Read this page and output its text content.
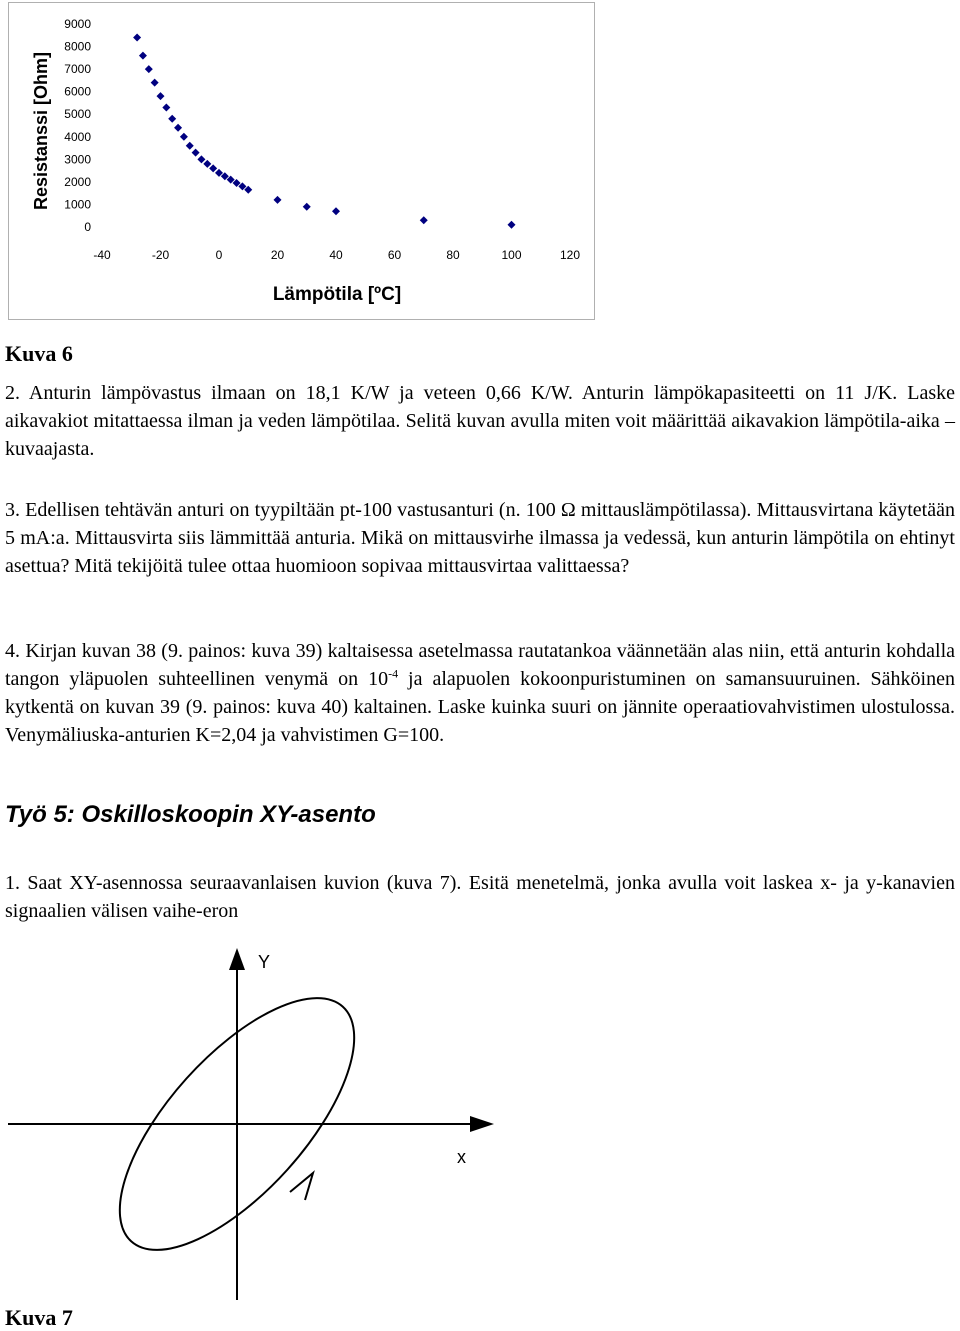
0
1000
2000
3000
4000
5000
6000
7000
8000
9000
-40	-20	0	20	40	60	80	100	120
Resistanssi [Ohm]
Lämpötila [ºC]
Kuva 6
2. Anturin lämpövastus ilmaan on 18,1 K/W ja veteen 0,66 K/W. Anturin lämpökapasiteetti on 11 J/K. Laske aikavakiot mitattaessa ilman ja veden lämpötilaa. Selitä kuvan avulla miten voit määrittää aikavakion lämpötila-aika –kuvaajasta.
3. Edellisen tehtävän anturi on tyypiltään pt-100 vastusanturi (n. 100 Ω mittauslämpötilassa). Mittausvirtana käytetään 5 mA:a. Mittausvirta siis lämmittää anturia. Mikä on mittausvirhe ilmassa ja vedessä, kun anturin lämpötila on ehtinyt asettua? Mitä tekijöitä tulee ottaa huomioon sopivaa mittausvirtaa valittaessa?
4. Kirjan kuvan 38 (9. painos: kuva 39) kaltaisessa asetelmassa rautatankoa väännetään alas niin, että anturin kohdalla tangon yläpuolen suhteellinen venymä on $10^{-4}$ ja alapuolen kokoonpuristuminen on samansuuruinen. Sähköinen kytkentä on kuvan 39 (9. painos: kuva 40) kaltainen. Laske kuinka suuri on jännite operaatiovahvistimen ulostulossa. Venymäliuska-anturien K=2,04 ja vahvistimen G=100.
Työ 5: Oskilloskoopin XY-asento
1. Saat XY-asennossa seuraavanlaisen kuvion (kuva 7). Esitä menetelmä, jonka avulla voit laskea x- ja y-kanavien signaalien välisen vaihe-eron
Y
x
Kuva 7
